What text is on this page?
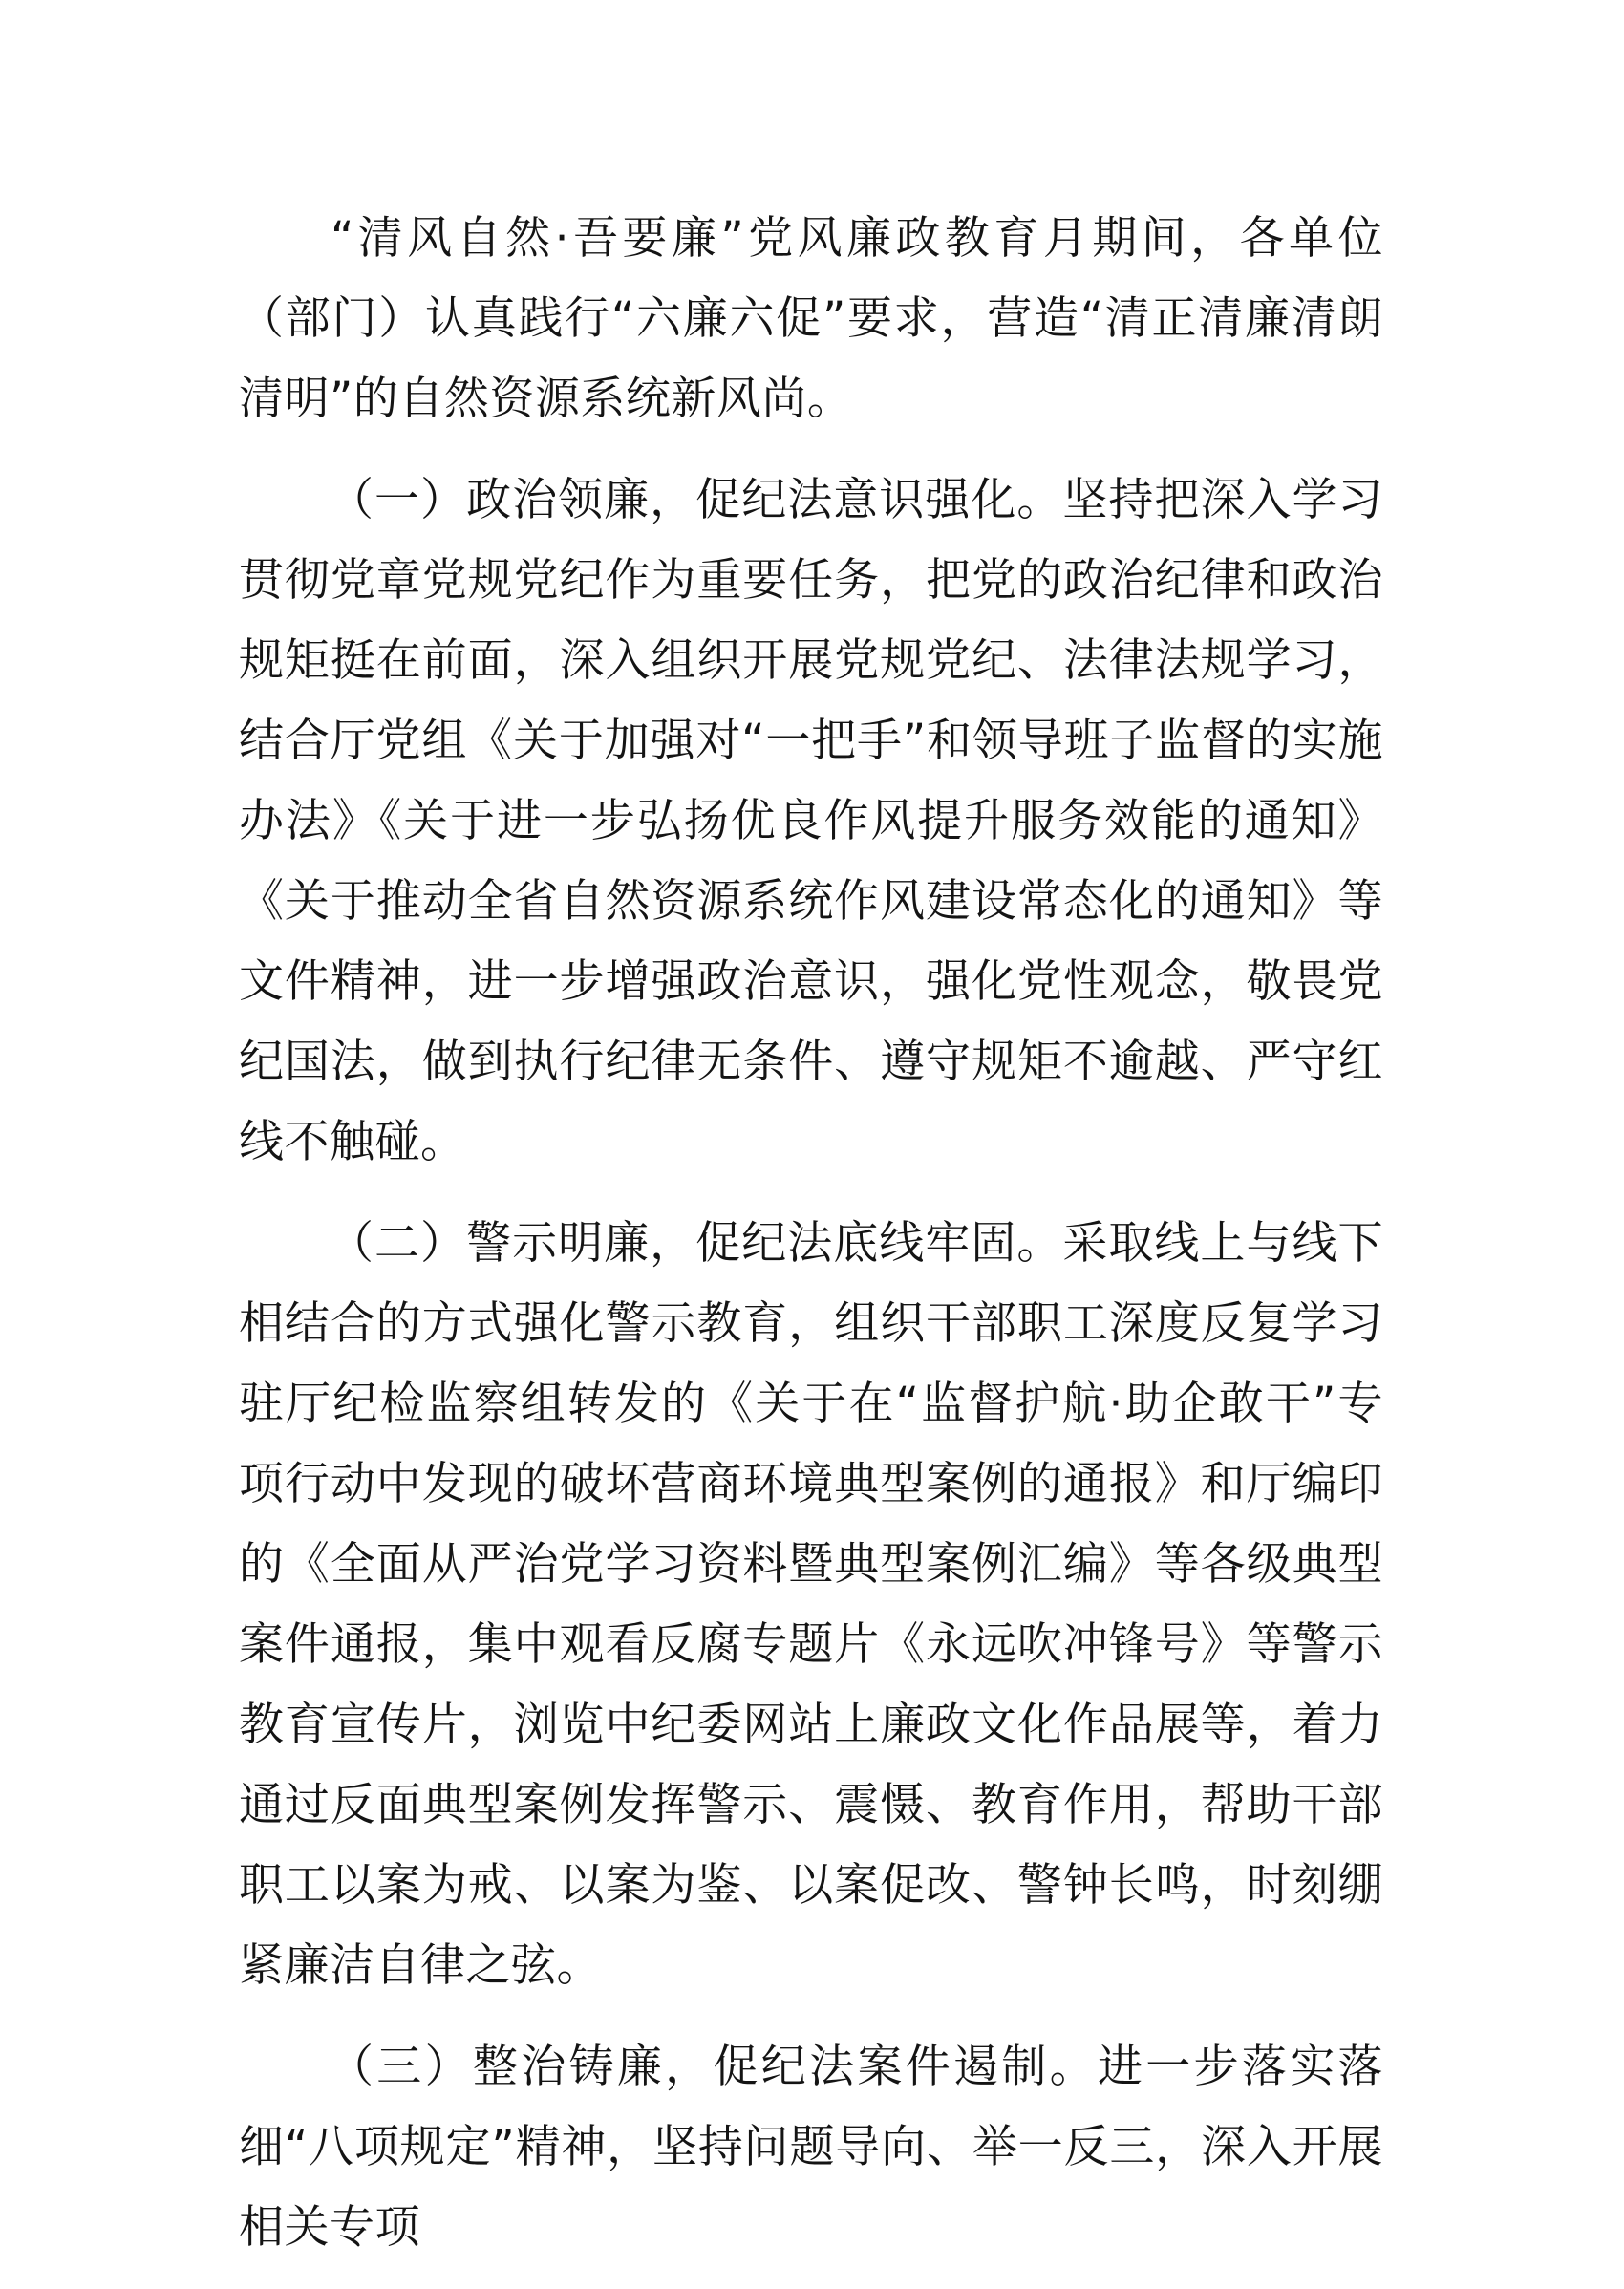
“清风自然·吾要廉”党风廉政教育月期间，各单位（部门）认真践行“六廉六促”要求，营造“清正清廉清朗清明”的自然资源系统新风尚。

（一）政治领廉，促纪法意识强化。坚持把深入学习贯彻党章党规党纪作为重要任务，把党的政治纪律和政治规矩挺在前面，深入组织开展党规党纪、法律法规学习，结合厅党组《关于加强对“一把手”和领导班子监督的实施办法》《关于进一步弘扬优良作风提升服务效能的通知》《关于推动全省自然资源系统作风建设常态化的通知》等文件精神，进一步增强政治意识，强化党性观念，敬畏党纪国法，做到执行纪律无条件、遵守规矩不逾越、严守红线不触碰。

（二）警示明廉，促纪法底线牢固。采取线上与线下相结合的方式强化警示教育，组织干部职工深度反复学习驻厅纪检监察组转发的《关于在“监督护航·助企敢干”专项行动中发现的破坏营商环境典型案例的通报》和厅编印的《全面从严治党学习资料暨典型案例汇编》等各级典型案件通报，集中观看反腐专题片《永远吹冲锋号》等警示教育宣传片，浏览中纪委网站上廉政文化作品展等，着力通过反面典型案例发挥警示、震慑、教育作用，帮助干部职工以案为戒、以案为鉴、以案促改、警钟长鸣，时刻绷紧廉洁自律之弦。

（三）整治铸廉，促纪法案件遏制。进一步落实落细“八项规定”精神，坚持问题导向、举一反三，深入开展相关专项
